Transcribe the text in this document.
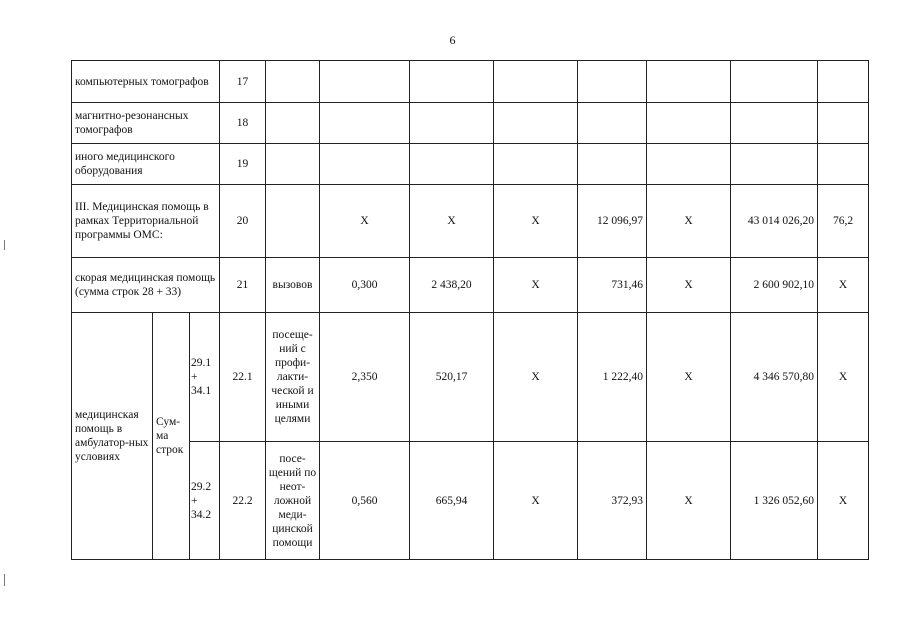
6
компьютерных томографов			17								
магнитно-резонансных томографов			18								
иного медицинского оборудования			19								
III. Медицинская помощь в рамках Территориальной программы ОМС:			20		Х	Х	Х	12 096,97	Х	43 014 026,20	76,2
скорая медицинская помощь (сумма строк 28 + 33)			21	вызовов	0,300	2 438,20	Х	731,46	Х	2 600 902,10	Х
медицинская помощь в амбулатор-ных условиях	Сум-ма строк	29.1 + 34.1	22.1	посеще-ний с профи-лакти-ческой и иными целями	2,350	520,17	Х	1 222,40	Х	4 346 570,80	Х
		29.2 + 34.2	22.2	посе-щений по неот-ложной меди-цинской помощи	0,560	665,94	Х	372,93	Х	1 326 052,60	Х
